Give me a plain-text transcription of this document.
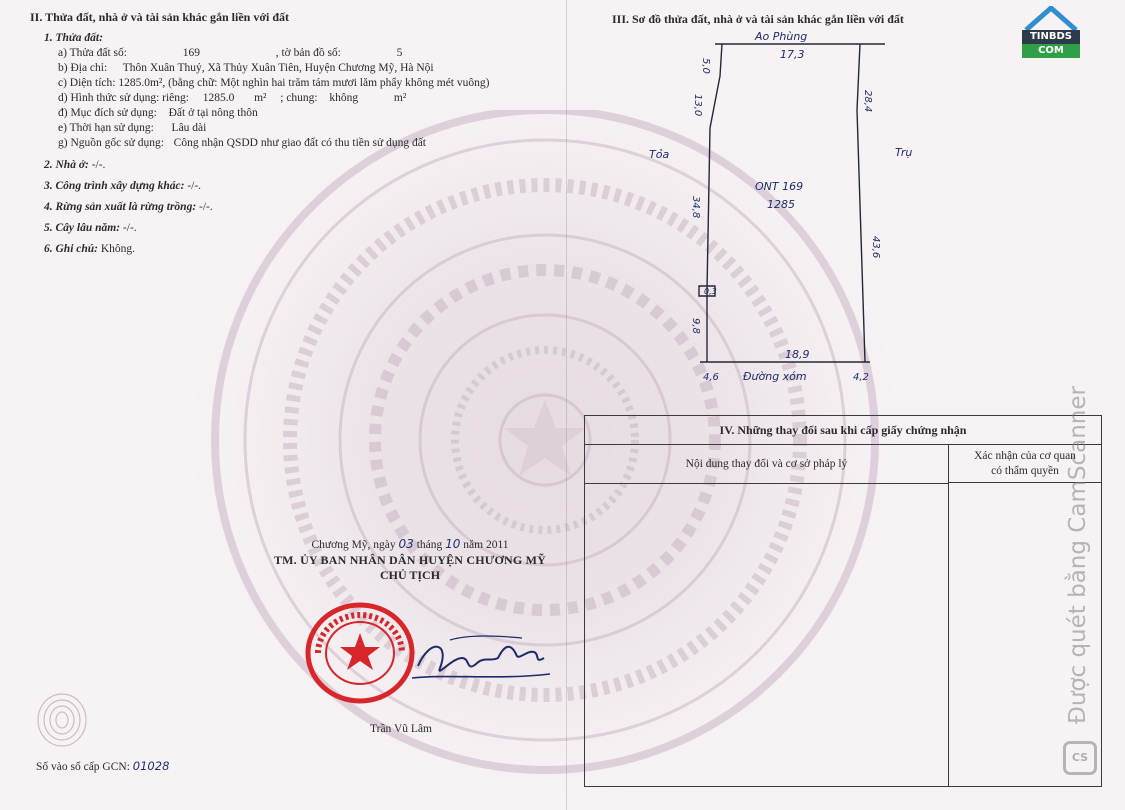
II. Thửa đất, nhà ở và tài sản khác gắn liền với đất
1. Thửa đất:
a) Thửa đất số:	169	, tờ bản đồ số:	5
b) Địa chỉ: Thôn Xuân Thuỷ, Xã Thủy Xuân Tiên, Huyện Chương Mỹ, Hà Nội
c) Diện tích: 1285.0m², (bằng chữ: Một nghìn hai trăm tám mươi lăm phẩy không mét vuông)
d) Hình thức sử dụng: riêng: 1285.0 m² ; chung: không	m²
đ) Mục đích sử dụng: Đất ở tại nông thôn
e) Thời hạn sử dụng: Lâu dài
g) Nguồn gốc sử dụng: Công nhận QSDD như giao đất có thu tiền sử dụng đất
2. Nhà ở: -/-.
3. Công trình xây dựng khác: -/-.
4. Rừng sản xuất là rừng trồng: -/-.
5. Cây lâu năm: -/-.
6. Ghi chú: Không.
Chương Mỹ, ngày 03 tháng 10 năm 2011
TM. ỦY BAN NHÂN DÂN HUYỆN CHƯƠNG MỸ
CHỦ TỊCH
Trần Vũ Lâm
Số vào sổ cấp GCN: 01028
III. Sơ đồ thửa đất, nhà ở và tài sản khác gắn liền với đất
Ao Phùng
17,3
5,0
13,0	28,4
43,6
34,8
0,3
9,8
18,9
Tỏa	Trụ
ONT 169
1285
4,6 Đường xóm	4,2
TINBDS
COM
IV. Những thay đổi sau khi cấp giấy chứng nhận
Nội dung thay đổi và cơ sở pháp lý
Xác nhận của cơ quan
có thẩm quyền Được quét bằng CamScanner
CS
